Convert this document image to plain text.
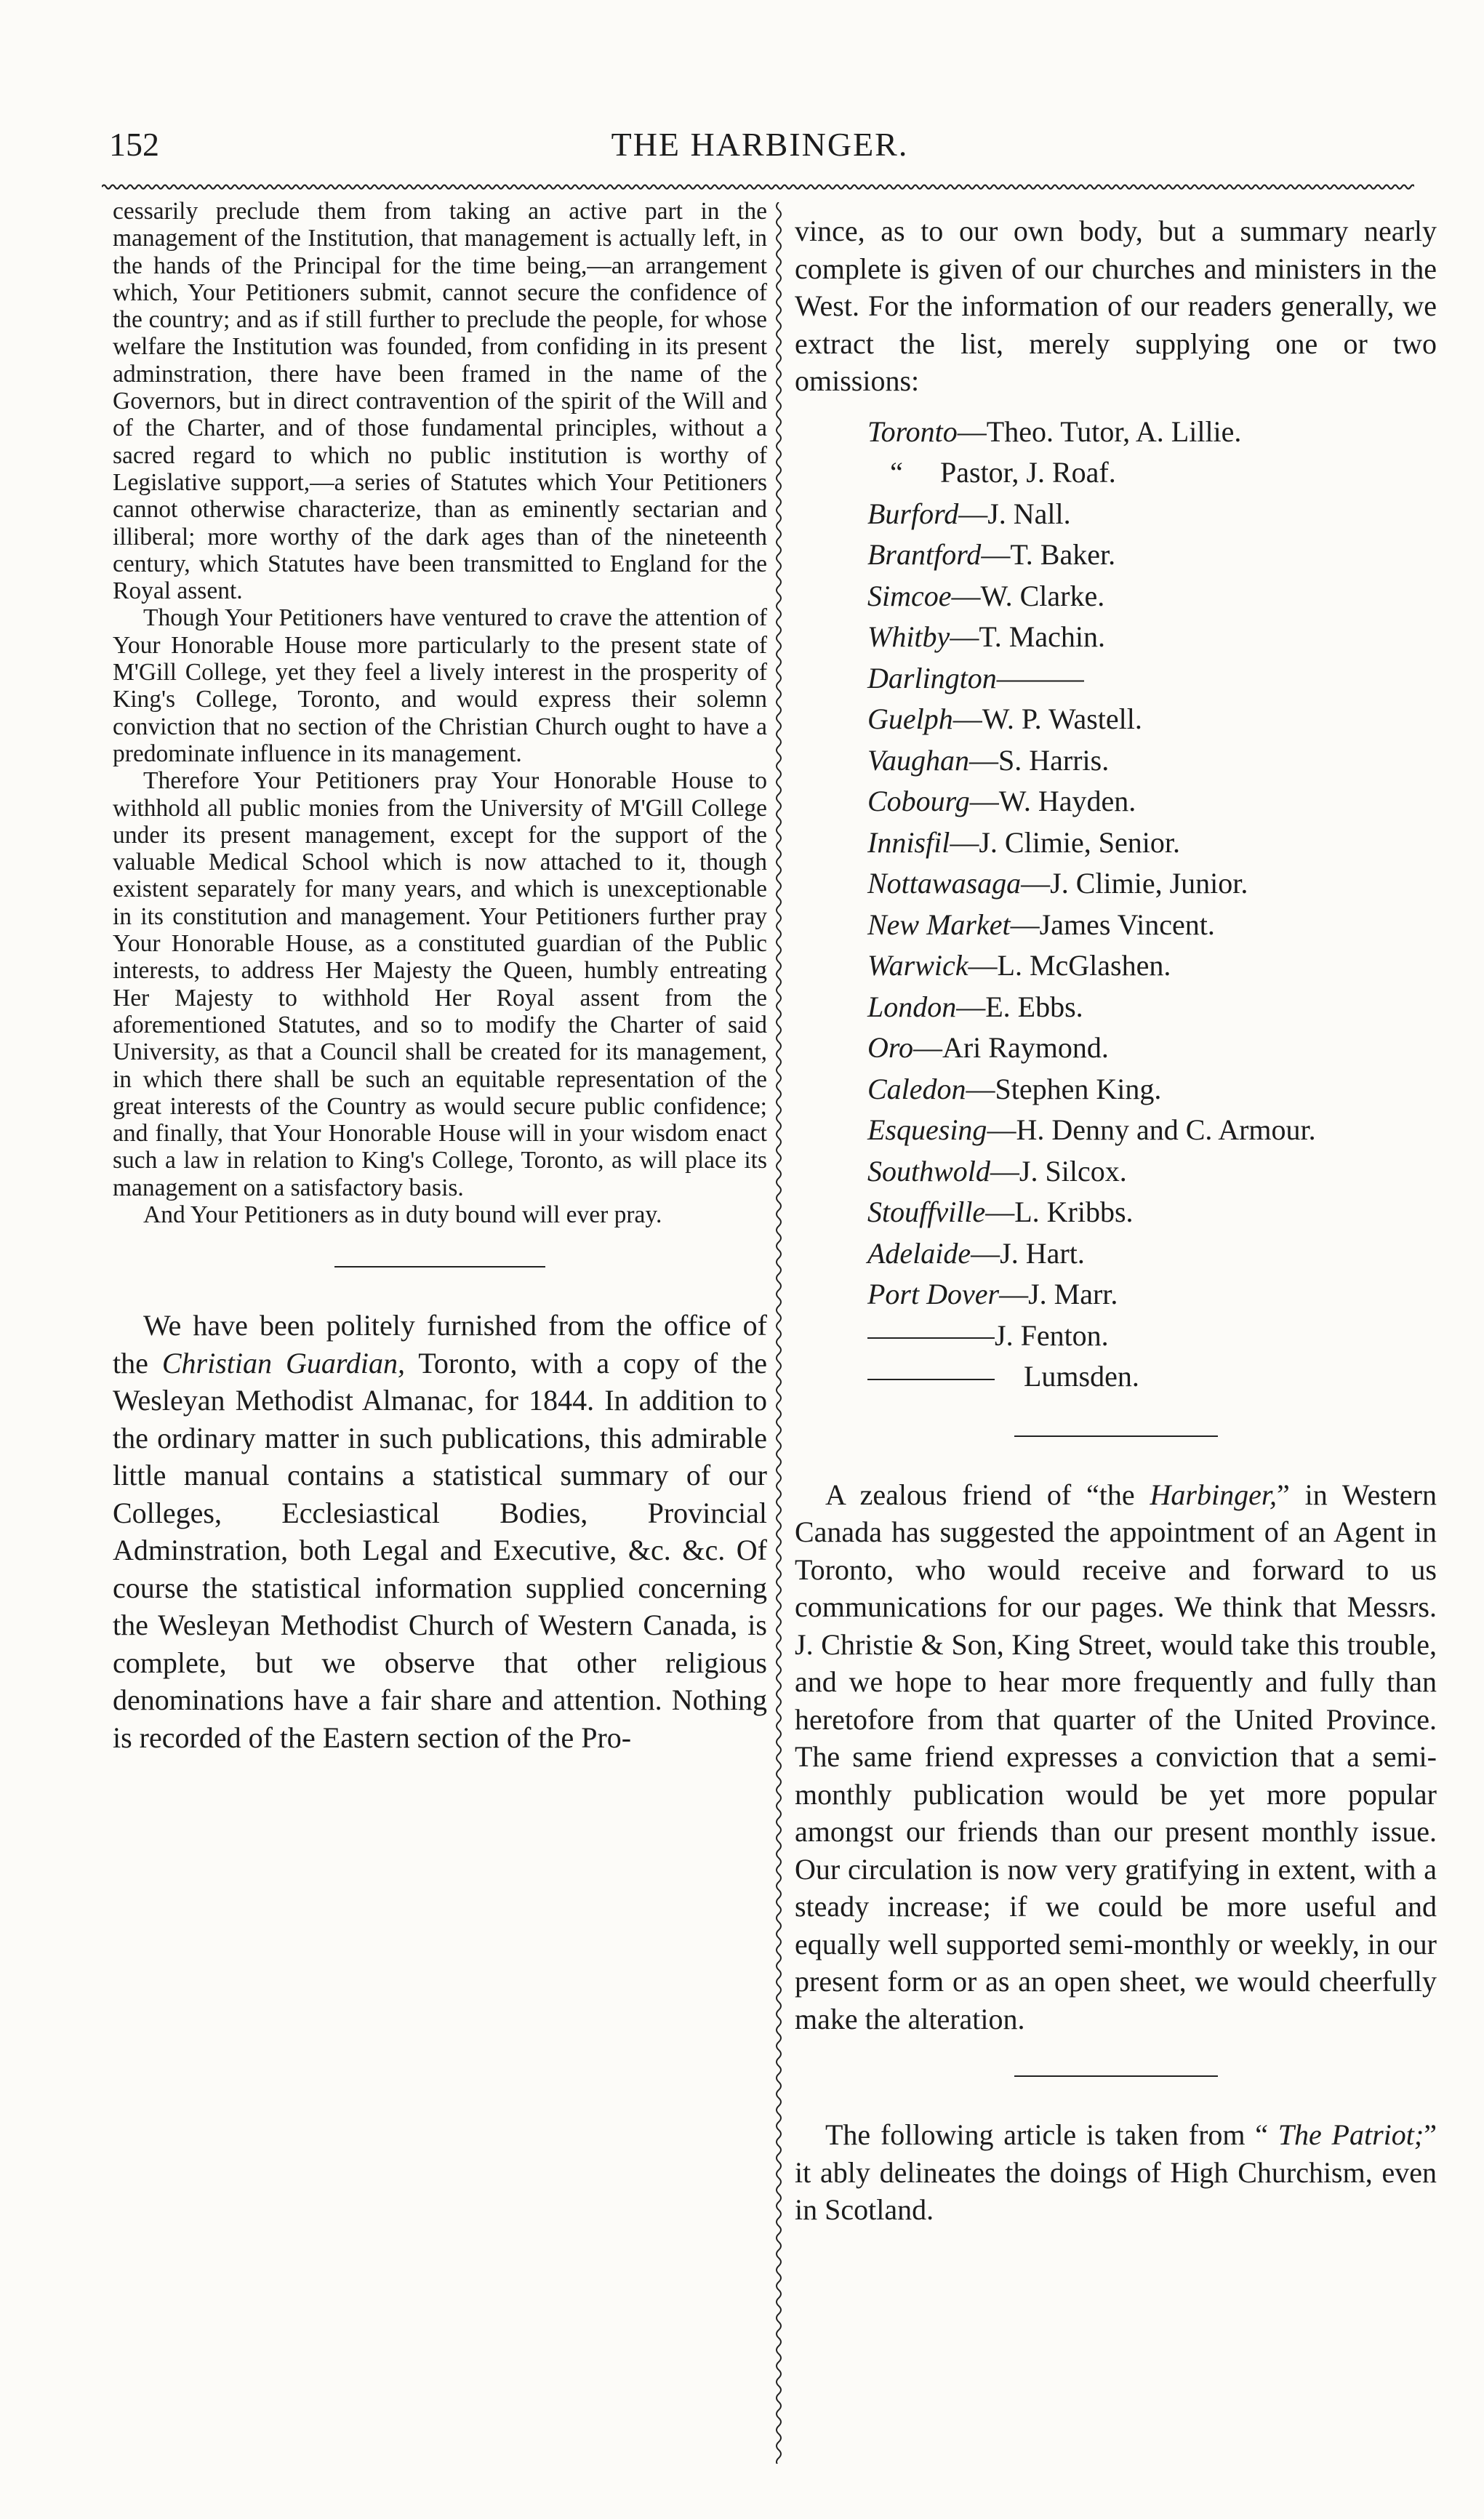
152	THE HARBINGER.

cessarily preclude them from taking an active part in the management of the Institution, that management is actually left, in the hands of the Principal for the time being,—an arrangement which, Your Petitioners submit, cannot secure the confidence of the country; and as if still further to preclude the people, for whose welfare the Institution was founded, from confiding in its present adminstration, there have been framed in the name of the Governors, but in direct contravention of the spirit of the Will and of the Charter, and of those fundamental principles, without a sacred regard to which no public institution is worthy of Legislative support,—a series of Statutes which Your Petitioners cannot otherwise characterize, than as eminently sectarian and illiberal; more worthy of the dark ages than of the nineteenth century, which Statutes have been transmitted to England for the Royal assent.

Though Your Petitioners have ventured to crave the attention of Your Honorable House more particularly to the present state of M'Gill College, yet they feel a lively interest in the prosperity of King's College, Toronto, and would express their solemn conviction that no section of the Christian Church ought to have a predominate influence in its management.

Therefore Your Petitioners pray Your Honorable House to withhold all public monies from the University of M'Gill College under its present management, except for the support of the valuable Medical School which is now attached to it, though existent separately for many years, and which is unexceptionable in its constitution and management. Your Petitioners further pray Your Honorable House, as a constituted guardian of the Public interests, to address Her Majesty the Queen, humbly entreating Her Majesty to withhold Her Royal assent from the aforementioned Statutes, and so to modify the Charter of said University, as that a Council shall be created for its management, in which there shall be such an equitable representation of the great interests of the Country as would secure public confidence; and finally, that Your Honorable House will in your wisdom enact such a law in relation to King's College, Toronto, as will place its management on a satisfactory basis.

And Your Petitioners as in duty bound will ever pray.

We have been politely furnished from the office of the Christian Guardian, Toronto, with a copy of the Wesleyan Methodist Almanac, for 1844. In addition to the ordinary matter in such publications, this admirable little manual contains a statistical summary of our Colleges, Ecclesiastical Bodies, Provincial Adminstration, both Legal and Executive, &c. &c. Of course the statistical information supplied concerning the Wesleyan Methodist Church of Western Canada, is complete, but we observe that other religious denominations have a fair share and attention. Nothing is recorded of the Eastern section of the Pro-

vince, as to our own body, but a summary nearly complete is given of our churches and ministers in the West. For the information of our readers generally, we extract the list, merely supplying one or two omissions:

Toronto—Theo. Tutor, A. Lillie.
“ Pastor, J. Roaf.
Burford—J. Nall.
Brantford—T. Baker.
Simcoe—W. Clarke.
Whitby—T. Machin.
Darlington———
Guelph—W. P. Wastell.
Vaughan—S. Harris.
Cobourg—W. Hayden.
Innisfil—J. Climie, Senior.
Nottawasaga—J. Climie, Junior.
New Market—James Vincent.
Warwick—L. McGlashen.
London—E. Ebbs.
Oro—Ari Raymond.
Caledon—Stephen King.
Esquesing—H. Denny and C. Armour.
Southwold—J. Silcox.
Stouffville—L. Kribbs.
Adelaide—J. Hart.
Port Dover—J. Marr.
J. Fenton.
Lumsden.

A zealous friend of “the Harbinger,” in Western Canada has suggested the appointment of an Agent in Toronto, who would receive and forward to us communications for our pages. We think that Messrs. J. Christie & Son, King Street, would take this trouble, and we hope to hear more frequently and fully than heretofore from that quarter of the United Province. The same friend expresses a conviction that a semi-monthly publication would be yet more popular amongst our friends than our present monthly issue. Our circulation is now very gratifying in extent, with a steady increase; if we could be more useful and equally well supported semi-monthly or weekly, in our present form or as an open sheet, we would cheerfully make the alteration.

The following article is taken from “ The Patriot;” it ably delineates the doings of High Churchism, even in Scotland.
